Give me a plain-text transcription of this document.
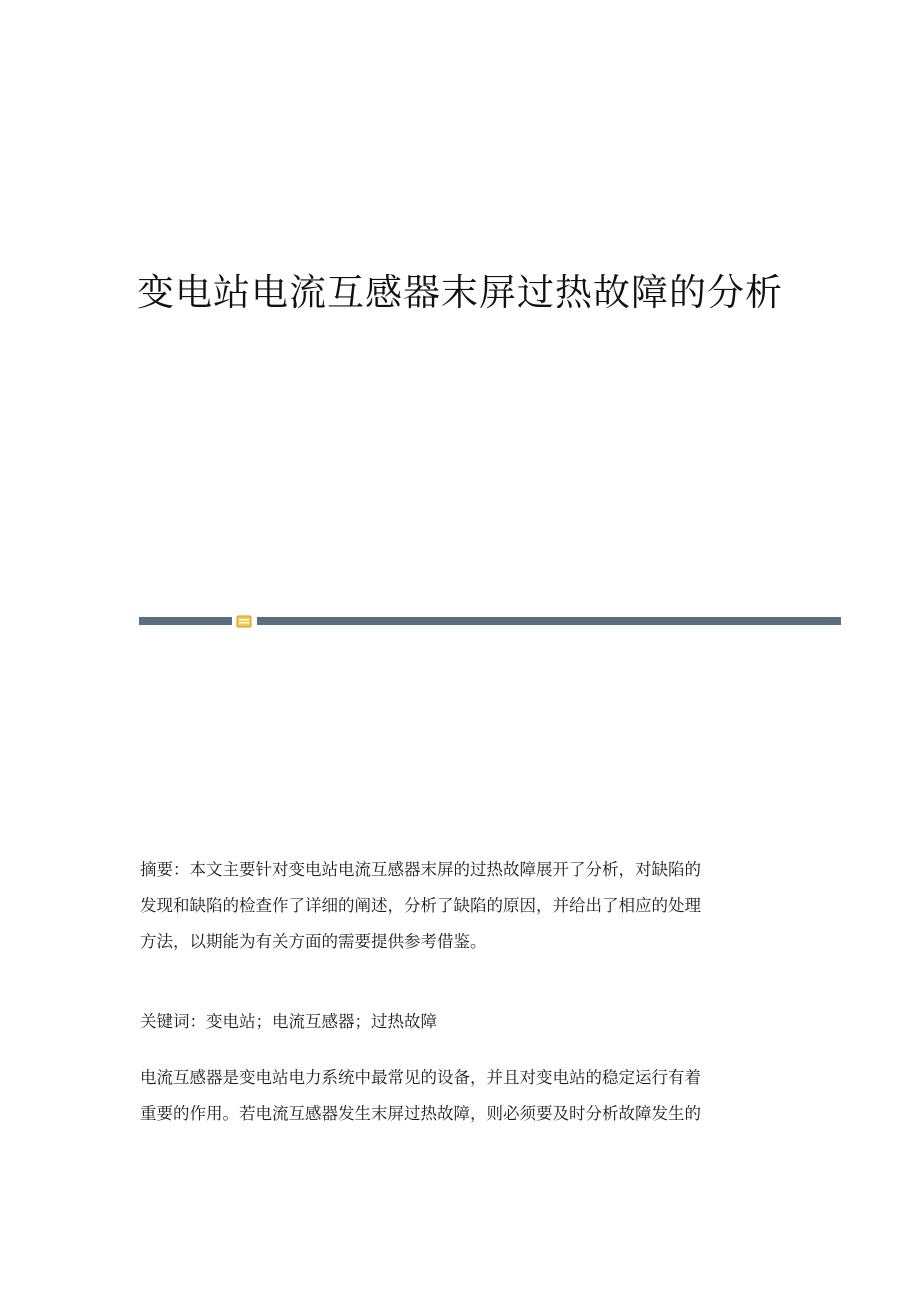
变电站电流互感器末屏过热故障的分析
摘要：本文主要针对变电站电流互感器末屏的过热故障展开了分析，对缺陷的
发现和缺陷的检查作了详细的阐述，分析了缺陷的原因，并给出了相应的处理
方法，以期能为有关方面的需要提供参考借鉴。
关键词：变电站；电流互感器；过热故障
电流互感器是变电站电力系统中最常见的设备，并且对变电站的稳定运行有着
重要的作用。若电流互感器发生末屏过热故障，则必须要及时分析故障发生的
